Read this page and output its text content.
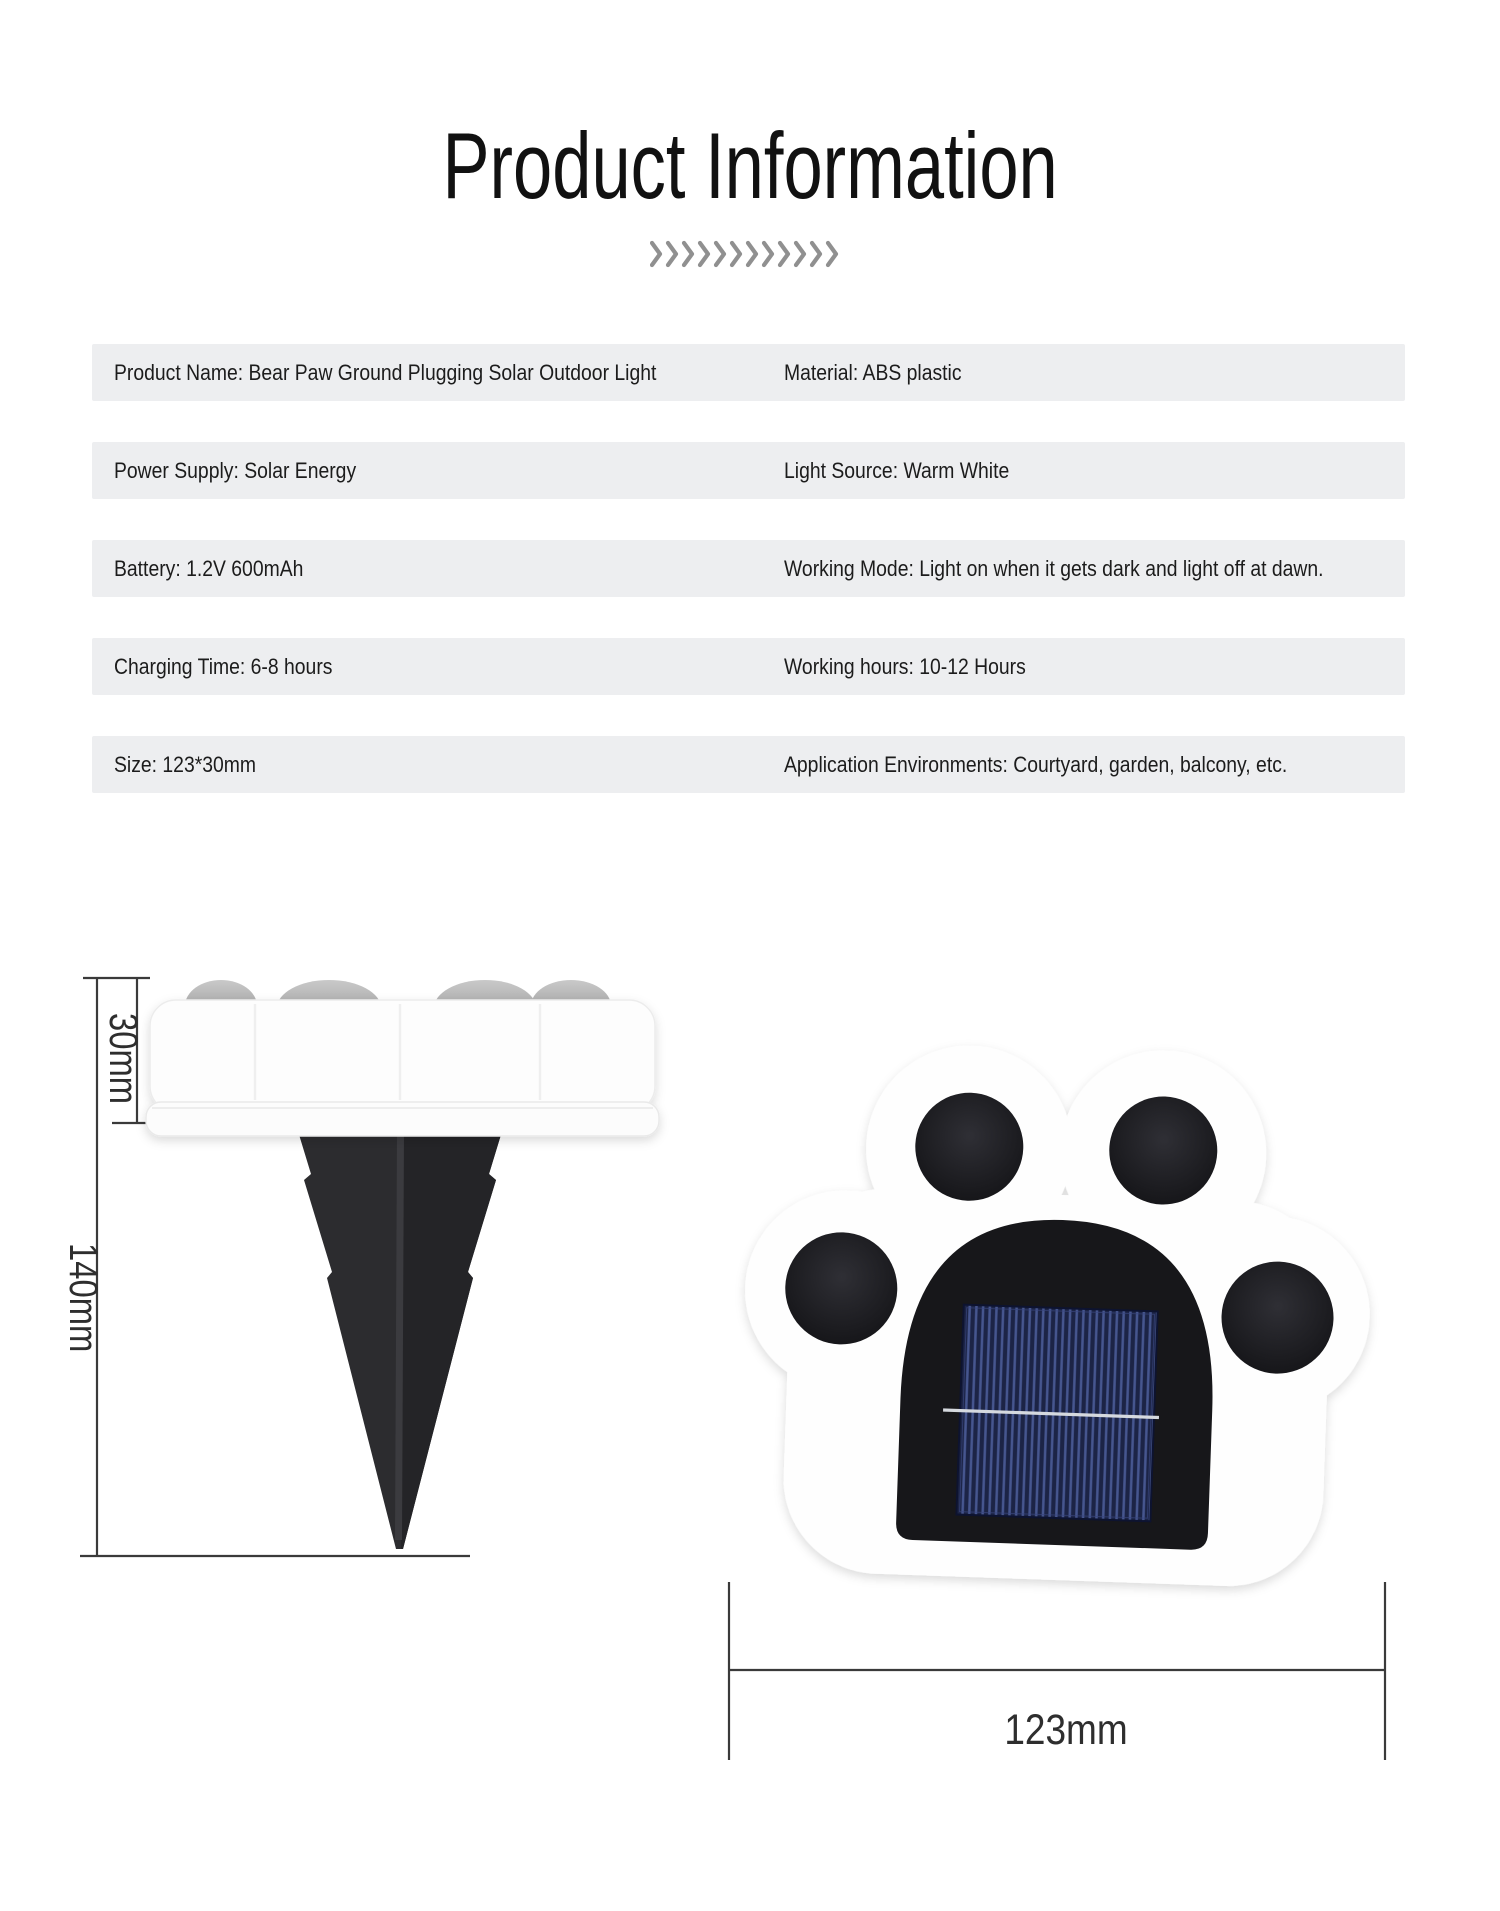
Product Information
Product Name: Bear Paw Ground Plugging Solar Outdoor Light	Material: ABS plastic
Power Supply: Solar Energy	Light Source: Warm White
Battery: 1.2V 600mAh	Working Mode: Light on when it gets dark and light off at dawn.
Charging Time: 6-8 hours	Working hours: 10-12 Hours
Size: 123*30mm	Application Environments: Courtyard, garden, balcony, etc.
30mm
140mm
123mm
